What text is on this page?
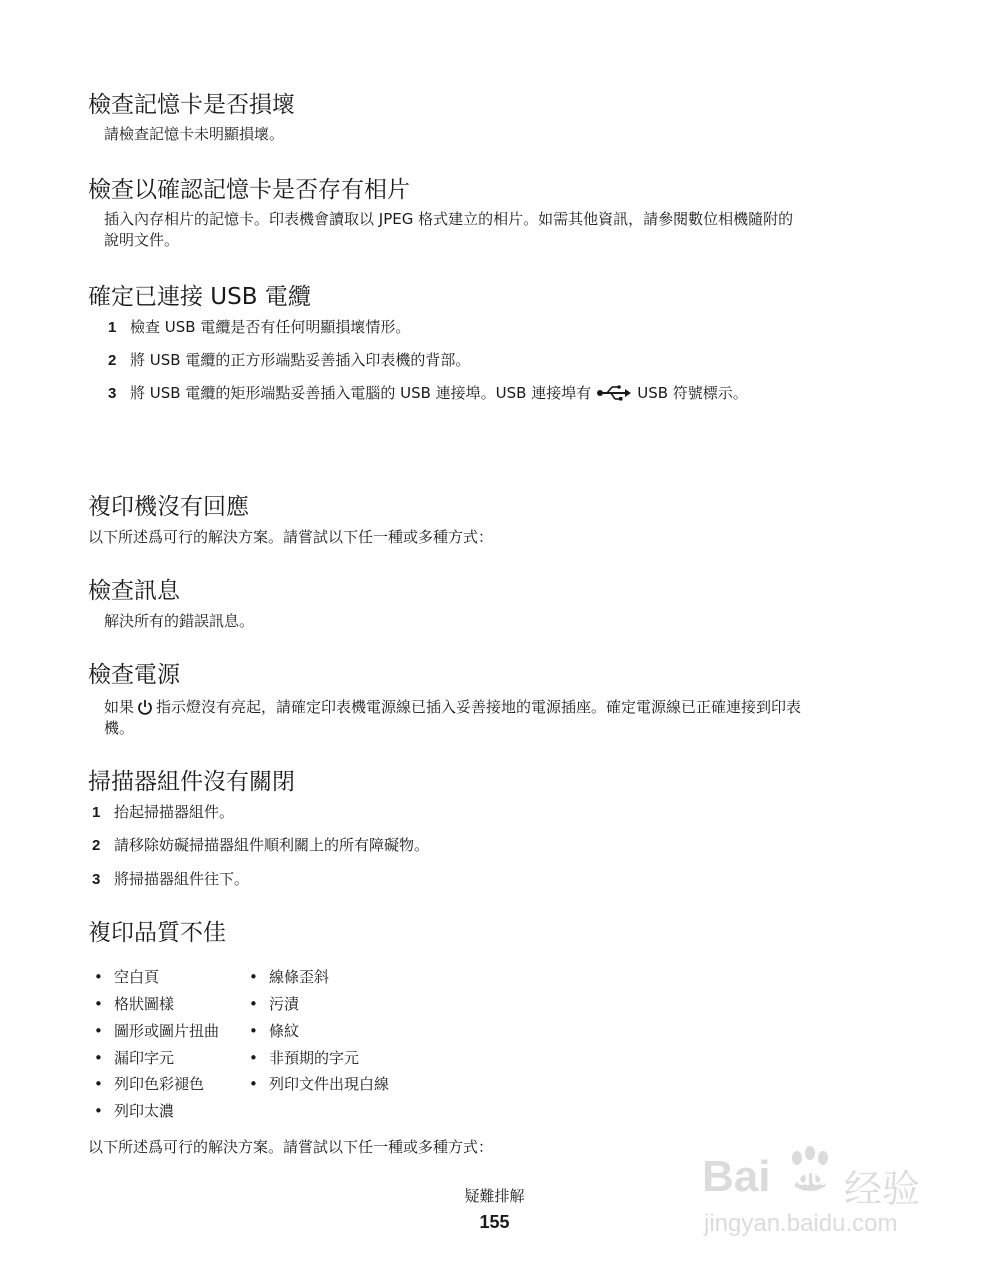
檢查記憶卡是否損壞
請檢查記憶卡未明顯損壞。
檢查以確認記憶卡是否存有相片
插入內存相片的記憶卡。印表機會讀取以 JPEG 格式建立的相片。如需其他資訊，請參閱數位相機隨附的
說明文件。
確定已連接 USB 電纜
1 檢查 USB 電纜是否有任何明顯損壞情形。
2 將 USB 電纜的正方形端點妥善插入印表機的背部。
3 將 USB 電纜的矩形端點妥善插入電腦的 USB 連接埠。USB 連接埠有	USB 符號標示。
複印機沒有回應
以下所述爲可行的解決方案。請嘗試以下任一種或多種方式：
檢查訊息
解決所有的錯誤訊息。
檢查電源
如果 指示燈沒有亮起，請確定印表機電源線已插入妥善接地的電源插座。確定電源線已正確連接到印表
機。
掃描器組件沒有關閉
1 抬起掃描器組件。
2 請移除妨礙掃描器組件順利關上的所有障礙物。
3 將掃描器組件往下。
複印品質不佳
• 空白頁
• 格狀圖樣
• 圖形或圖片扭曲
• 漏印字元
• 列印色彩褪色
• 列印太濃
• 線條歪斜
• 污漬
• 條紋
• 非預期的字元
• 列印文件出現白線
以下所述爲可行的解決方案。請嘗試以下任一種或多種方式：
疑難排解
155
Bai du 经验
jingyan.baidu.com
